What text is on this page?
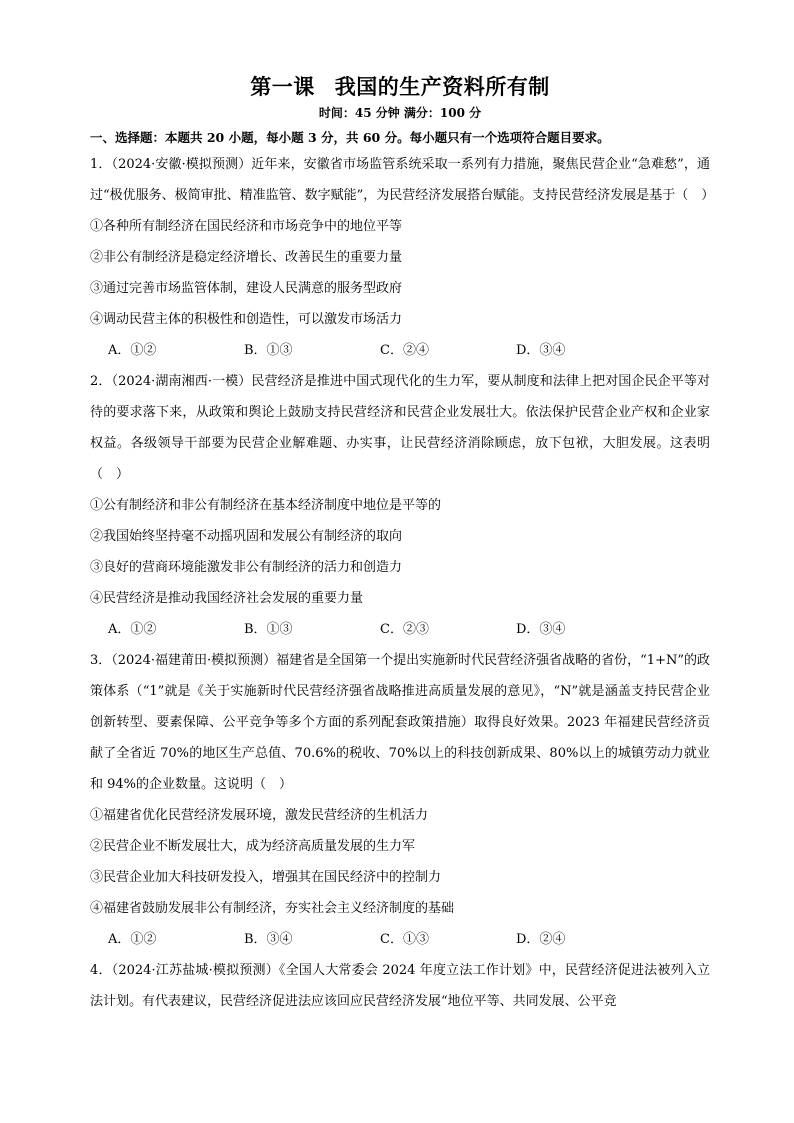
第一课 我国的生产资料所有制
时间：45 分钟 满分：100 分
一、选择题：本题共 20 小题，每小题 3 分，共 60 分。每小题只有一个选项符合题目要求。

1．（2024·安徽·模拟预测）近年来，安徽省市场监管系统采取一系列有力措施，聚焦民营企业“急难愁”，通过“极优服务、极简审批、精准监管、数字赋能”，为民营经济发展搭台赋能。支持民营经济发展是基于（　）

①各种所有制经济在国民经济和市场竞争中的地位平等

②非公有制经济是稳定经济增长、改善民生的重要力量

③通过完善市场监管体制，建设人民满意的服务型政府

④调动民营主体的积极性和创造性，可以激发市场活力

A．①②	B．①③	C．②④	D．③④

2．（2024·湖南湘西·一模）民营经济是推进中国式现代化的生力军，要从制度和法律上把对国企民企平等对待的要求落下来，从政策和舆论上鼓励支持民营经济和民营企业发展壮大。依法保护民营企业产权和企业家权益。各级领导干部要为民营企业解难题、办实事，让民营经济消除顾虑，放下包袱，大胆发展。这表明（　）

①公有制经济和非公有制经济在基本经济制度中地位是平等的

②我国始终坚持毫不动摇巩固和发展公有制经济的取向

③良好的营商环境能激发非公有制经济的活力和创造力

④民营经济是推动我国经济社会发展的重要力量

A．①②	B．①③	C．②③	D．③④

3．（2024·福建莆田·模拟预测）福建省是全国第一个提出实施新时代民营经济强省战略的省份，“1+N”的政策体系（“1”就是《关于实施新时代民营经济强省战略推进高质量发展的意见》，“N”就是涵盖支持民营企业创新转型、要素保障、公平竞争等多个方面的系列配套政策措施）取得良好效果。2023 年福建民营经济贡献了全省近 70%的地区生产总值、70.6%的税收、70%以上的科技创新成果、80%以上的城镇劳动力就业和 94%的企业数量。这说明（　）

①福建省优化民营经济发展环境，激发民营经济的生机活力

②民营企业不断发展壮大，成为经济高质量发展的生力军

③民营企业加大科技研发投入，增强其在国民经济中的控制力

④福建省鼓励发展非公有制经济，夯实社会主义经济制度的基础

A．①②	B．③④	C．①③	D．②④

4．（2024·江苏盐城·模拟预测）《全国人大常委会 2024 年度立法工作计划》中，民营经济促进法被列入立法计划。有代表建议，民营经济促进法应该回应民营经济发展“地位平等、共同发展、公平竞
